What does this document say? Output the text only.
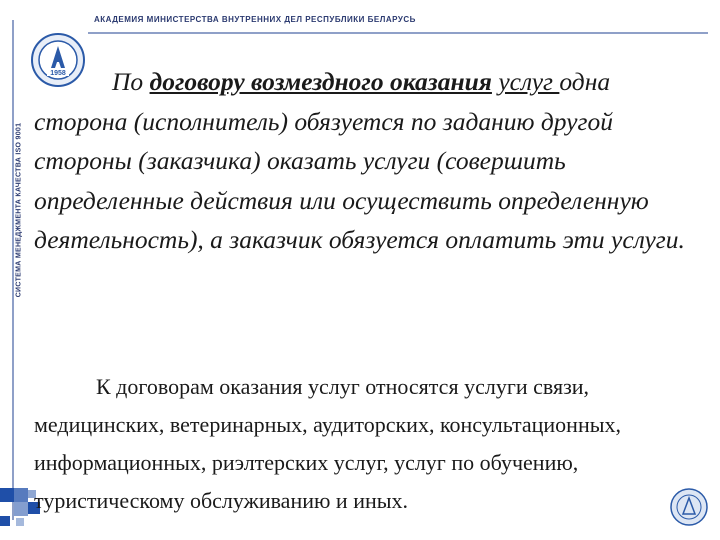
АКАДЕМИЯ МИНИСТЕРСТВА ВНУТРЕННИХ ДЕЛ РЕСПУБЛИКИ БЕЛАРУСЬ
СИСТЕМА МЕНЕДЖМЕНТА КАЧЕСТВА ISO 9001
1958	По договору возмездного оказания услуг одна сторона (исполнитель) обязуется по заданию другой стороны (заказчика) оказать услуги (совершить определенные действия или осуществить определенную деятельность), а заказчик обязуется оплатить эти услуги.

К договорам оказания услуг относятся услуги связи, медицинских, ветеринарных, аудиторских, консультационных, информационных, риэлтерских услуг, услуг по обучению, туристическому обслуживанию и иных.
